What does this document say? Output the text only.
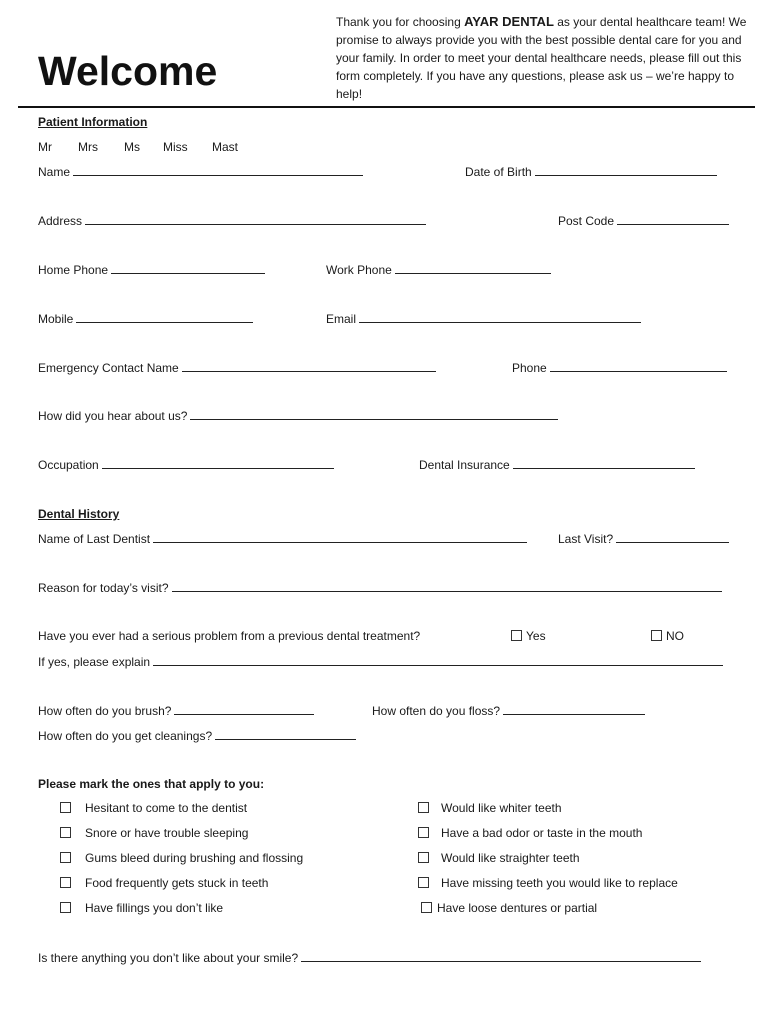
Welcome
Thank you for choosing AYAR DENTAL as your dental healthcare team! We promise to always provide you with the best possible dental care for you and your family. In order to meet your dental healthcare needs, please fill out this form completely. If you have any questions, please ask us – we’re happy to help!
Patient Information
Mr Mrs Ms Miss Mast
Name	Date of Birth
Address	Post Code
Home Phone	Work Phone
Mobile	Email
Emergency Contact Name	Phone
How did you hear about us?
Occupation	Dental Insurance
Dental History
Name of Last Dentist	Last Visit?
Reason for today’s visit?
Have you ever had a serious problem from a previous dental treatment?	Yes	NO
If yes, please explain
How often do you brush?	How often do you floss?
How often do you get cleanings?
Please mark the ones that apply to you:
Hesitant to come to the dentist
Snore or have trouble sleeping
Gums bleed during brushing and flossing
Food frequently gets stuck in teeth
Have fillings you don’t like
Would like whiter teeth
Have a bad odor or taste in the mouth
Would like straighter teeth
Have missing teeth you would like to replace
Have loose dentures or partial
Is there anything you don’t like about your smile?
